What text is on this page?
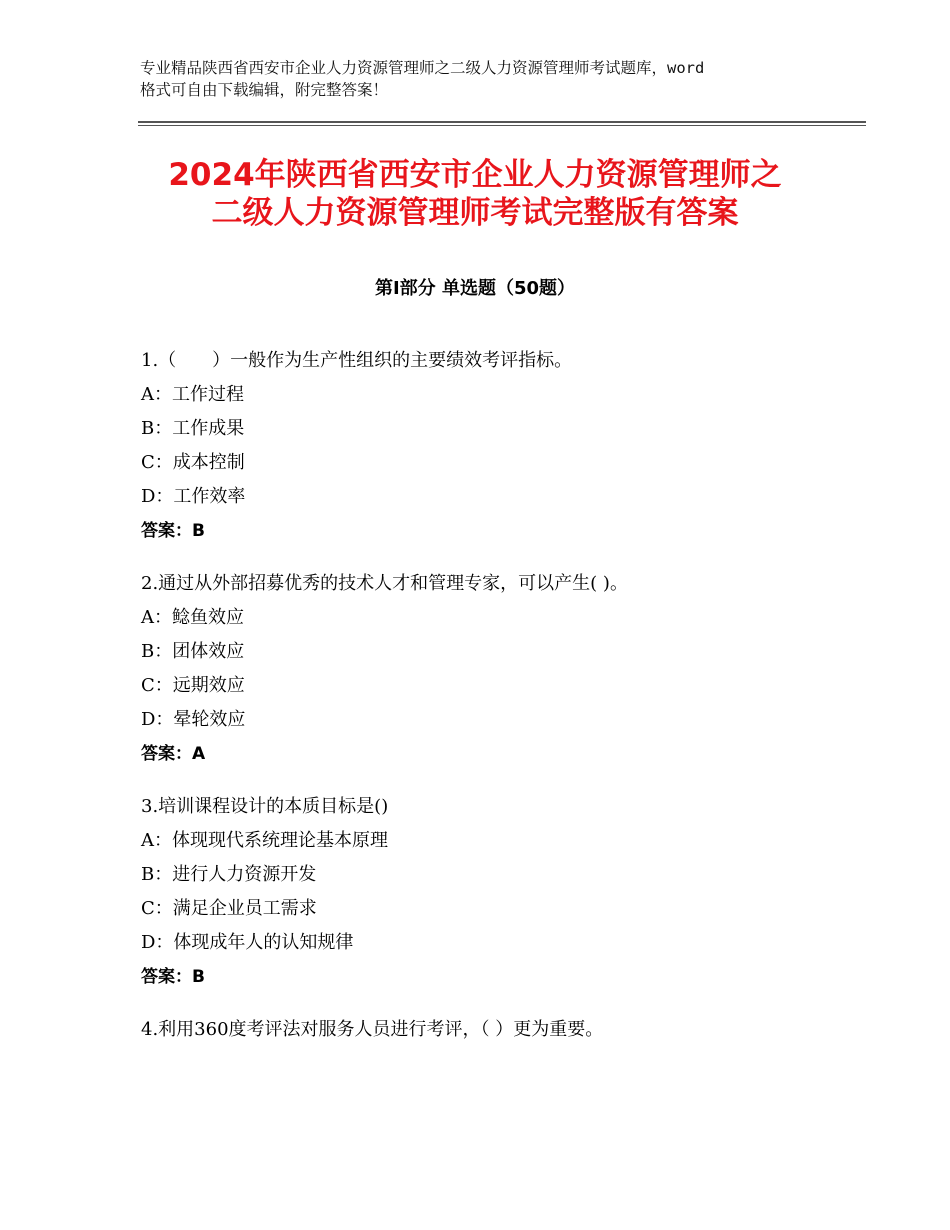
专业精品陕西省西安市企业人力资源管理师之二级人力资源管理师考试题库，word
格式可自由下载编辑，附完整答案！
2024年陕西省西安市企业人力资源管理师之
二级人力资源管理师考试完整版有答案
第Ⅰ部分 单选题（50题）
1.（　　）一般作为生产性组织的主要绩效考评指标。
A：工作过程
B：工作成果
C：成本控制
D：工作效率
答案：B
2.通过从外部招募优秀的技术人才和管理专家，可以产生( )。
A：鲶鱼效应
B：团体效应
C：远期效应
D：晕轮效应
答案：A
3.培训课程设计的本质目标是()
A：体现现代系统理论基本原理
B：进行人力资源开发
C：满足企业员工需求
D：体现成年人的认知规律
答案：B
4.利用360度考评法对服务人员进行考评，（ ）更为重要。
